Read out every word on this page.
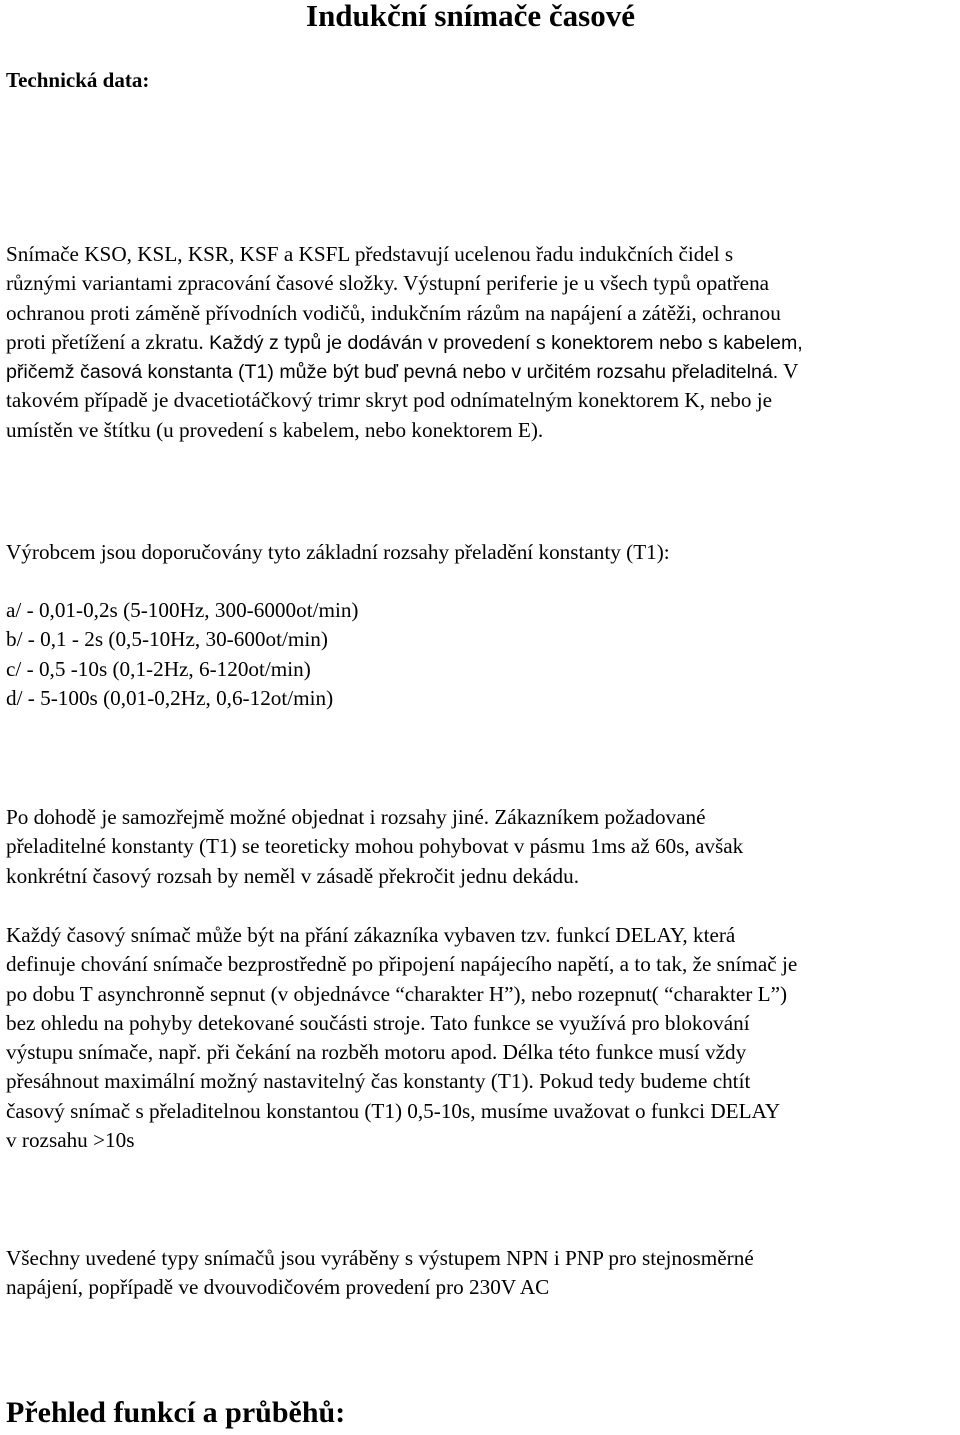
Indukční snímače časové
Technická data:
Snímače KSO, KSL, KSR, KSF a KSFL představují ucelenou řadu indukčních čidel s
různými variantami zpracování časové složky. Výstupní periferie je u všech typů opatřena
ochranou proti záměně přívodních vodičů, indukčním rázům na napájení a zátěži, ochranou
proti přetížení a zkratu. Každý z typů je dodáván v provedení s konektorem nebo s kabelem,
přičemž časová konstanta (T1) může být buď pevná nebo v určitém rozsahu přeladitelná. V
takovém případě je dvacetiotáčkový trimr skryt pod odnímatelným konektorem K, nebo je
umístěn ve štítku (u provedení s kabelem, nebo konektorem E).
Výrobcem jsou doporučovány tyto základní rozsahy přeladění konstanty (T1):
a/ - 0,01-0,2s (5-100Hz, 300-6000ot/min)
b/ - 0,1 - 2s (0,5-10Hz, 30-600ot/min)
c/ - 0,5 -10s (0,1-2Hz, 6-120ot/min)
d/ - 5-100s (0,01-0,2Hz, 0,6-12ot/min)
Po dohodě je samozřejmě možné objednat i rozsahy jiné. Zákazníkem požadované
přeladitelné konstanty (T1) se teoreticky mohou pohybovat v pásmu 1ms až 60s, avšak
konkrétní časový rozsah by neměl v zásadě překročit jednu dekádu.
Každý časový snímač může být na přání zákazníka vybaven tzv. funkcí DELAY, která
definuje chování snímače bezprostředně po připojení napájecího napětí, a to tak, že snímač je
po dobu T asynchronně sepnut (v objednávce “charakter H”), nebo rozepnut( “charakter L”)
bez ohledu na pohyby detekované součásti stroje. Tato funkce se využívá pro blokování
výstupu snímače, např. při čekání na rozběh motoru apod. Délka této funkce musí vždy
přesáhnout maximální možný nastavitelný čas konstanty (T1). Pokud tedy budeme chtít
časový snímač s přeladitelnou konstantou (T1) 0,5-10s, musíme uvažovat o funkci DELAY
v rozsahu >10s
Všechny uvedené typy snímačů jsou vyráběny s výstupem NPN i PNP pro stejnosměrné
napájení, popřípadě ve dvouvodičovém provedení pro 230V AC
Přehled funkcí a průběhů:
